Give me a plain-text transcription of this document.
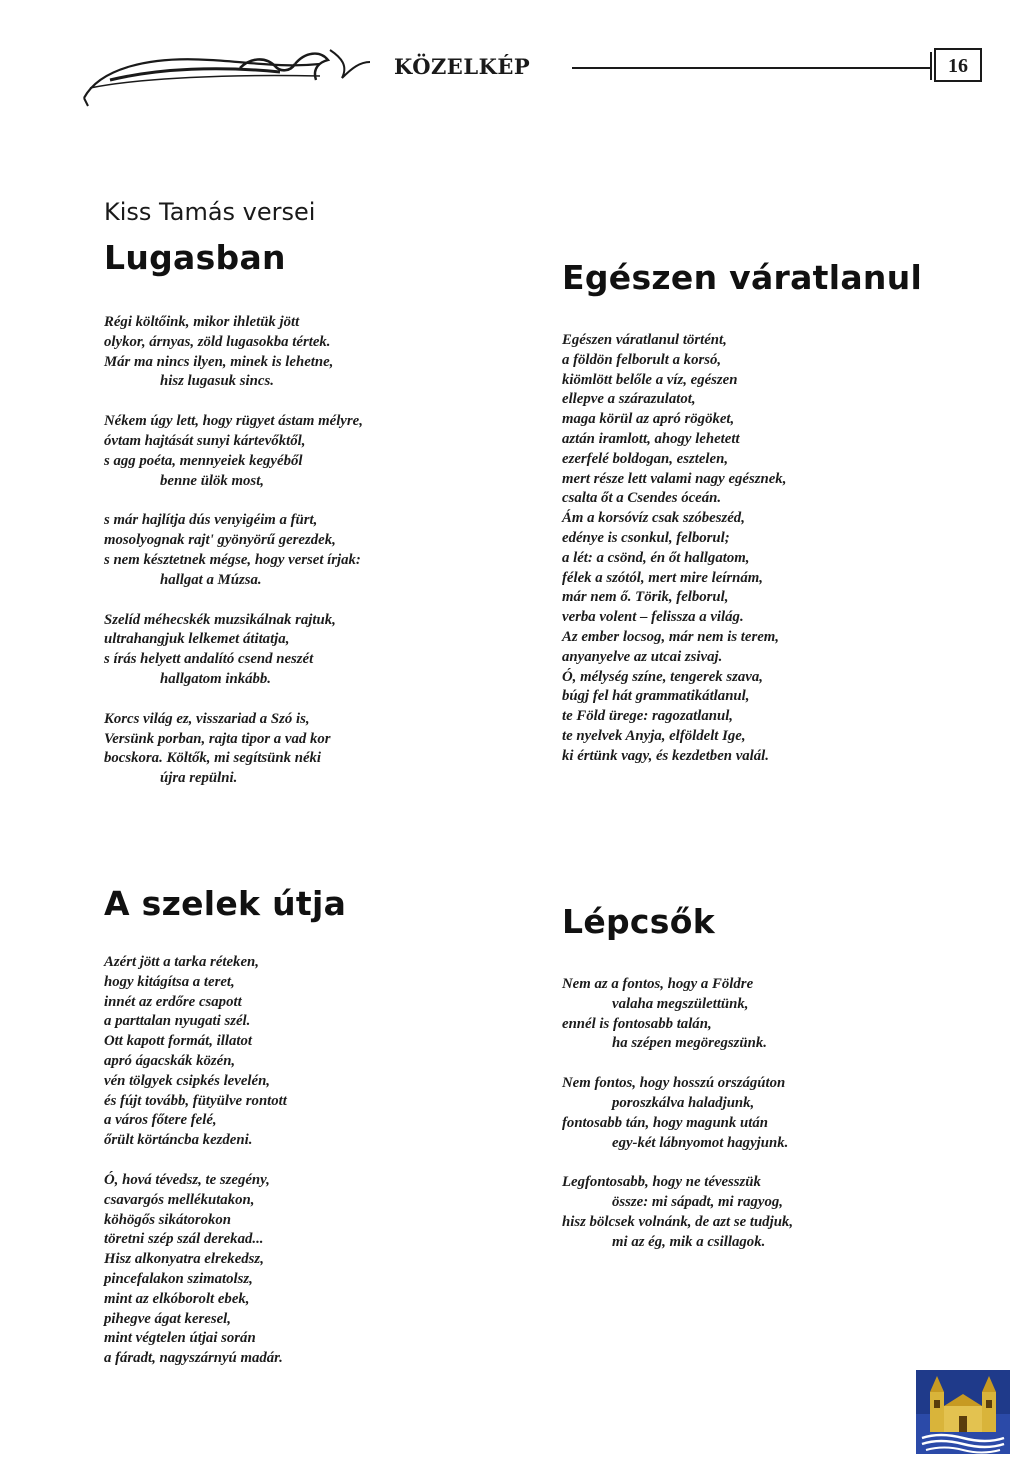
KÖZELKÉP	16
Kiss Tamás versei
Lugasban
Régi költőink, mikor ihletük jött
olykor, árnyas, zöld lugasokba tértek.
Már ma nincs ilyen, minek is lehetne,
hisz lugasuk sincs.
Nékem úgy lett, hogy rügyet ástam mélyre,
óvtam hajtását sunyi kártevőktől,
s agg poéta, mennyeiek kegyéből
benne ülök most,
s már hajlítja dús venyigéim a fürt,
mosolyognak rajt' gyönyörű gerezdek,
s nem késztetnek mégse, hogy verset írjak:
hallgat a Múzsa.
Szelíd méhecskék muzsikálnak rajtuk,
ultrahangjuk lelkemet átitatja,
s írás helyett andalító csend neszét
hallgatom inkább.
Korcs világ ez, visszariad a Szó is,
Versünk porban, rajta tipor a vad kor
bocskora. Költők, mi segítsünk néki
újra repülni.
Egészen váratlanul
Egészen váratlanul történt,
a földön felborult a korsó,
kiömlött belőle a víz, egészen
ellepve a szárazulatot,
maga körül az apró rögöket,
aztán iramlott, ahogy lehetett
ezerfelé boldogan, esztelen,
mert része lett valami nagy egésznek,
csalta őt a Csendes óceán.
Ám a korsóvíz csak szóbeszéd,
edénye is csonkul, felborul;
a lét: a csönd, én őt hallgatom,
félek a szótól, mert mire leírnám,
már nem ő. Törik, felborul,
verba volent – felissza a világ.
Az ember locsog, már nem is terem,
anyanyelve az utcai zsivaj.
Ó, mélység színe, tengerek szava,
búgj fel hát grammatikátlanul,
te Föld ürege: ragozatlanul,
te nyelvek Anyja, elföldelt Ige,
ki értünk vagy, és kezdetben valál.
A szelek útja
Azért jött a tarka réteken,
hogy kitágítsa a teret,
innét az erdőre csapott
a parttalan nyugati szél.
Ott kapott formát, illatot
apró ágacskák közén,
vén tölgyek csipkés levelén,
és fújt tovább, fütyülve rontott
a város főtere felé,
őrült körtáncba kezdeni.
Ó, hová tévedsz, te szegény,
csavargós mellékutakon,
köhögős sikátorokon
töretni szép szál derekad...
Hisz alkonyatra elrekedsz,
pincefalakon szimatolsz,
mint az elkóborolt ebek,
pihegve ágat keresel,
mint végtelen útjai során
a fáradt, nagyszárnyú madár.
Lépcsők
Nem az a fontos, hogy a Földre
valaha megszülettünk,
ennél is fontosabb talán,
ha szépen megöregszünk.
Nem fontos, hogy hosszú országúton
poroszkálva haladjunk,
fontosabb tán, hogy magunk után
egy-két lábnyomot hagyjunk.
Legfontosabb, hogy ne tévesszük
össze: mi sápadt, mi ragyog,
hisz bölcsek volnánk, de azt se tudjuk,
mi az ég, mik a csillagok.
